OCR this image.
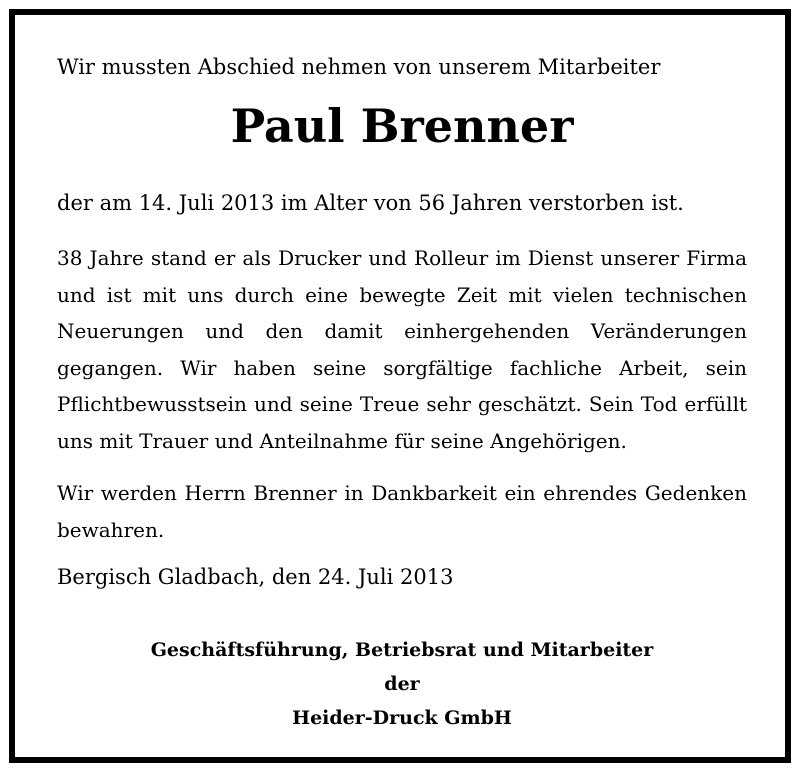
Wir mussten Abschied nehmen von unserem Mitarbeiter
Paul Brenner
der am 14. Juli 2013 im Alter von 56 Jahren verstorben ist.
38 Jahre stand er als Drucker und Rolleur im Dienst unserer Firma und ist mit uns durch eine bewegte Zeit mit vielen technischen Neuerungen und den damit einhergehenden Veränderungen gegangen. Wir haben seine sorgfältige fachliche Arbeit, sein Pflichtbewusstsein und seine Treue sehr geschätzt. Sein Tod erfüllt uns mit Trauer und Anteilnahme für seine Angehörigen.
Wir werden Herrn Brenner in Dankbarkeit ein ehrendes Gedenken bewahren.
Bergisch Gladbach, den 24. Juli 2013
Geschäftsführung, Betriebsrat und Mitarbeiter
der
Heider-Druck GmbH
